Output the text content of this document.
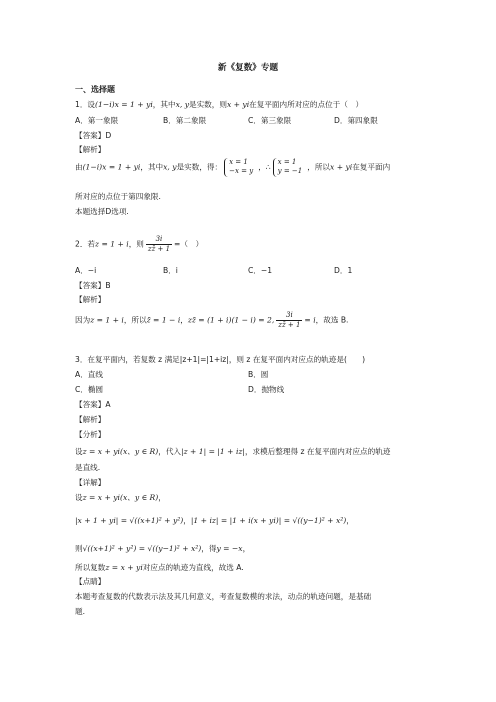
新《复数》专题
一、选择题
1．设(1−i)x = 1 + yi，其中x, y是实数，则x + yi在复平面内所对应的点位于（　）
A．第一象限	B．第二象限	C．第三象限	D．第四象限
【答案】D
【解析】
由(1−i)x = 1 + yi，其中x, y是实数，得：
x = 1
−x = y ，∴
x = 1
y = −1 ，所以x + yi在复平面内
所对应的点位于第四象限.
本题选择D选项.
2．若z = 1 + i，则 $\frac{3i}{zz̄ + 1}$ =（　）
A．−i	B．i	C．−1	D．1
【答案】B
【解析】
因为z = 1 + i，所以z̄ = 1 − i，zz̄ = (1 + i)(1 − i) = 2, $\frac{3i}{zz̄ + 1} = i$，故选 B.
3．在复平面内，若复数 z 满足|z+1|=|1+iz|，则 z 在复平面内对应点的轨迹是(　　)
A．直线	B．圆
C．椭圆	D．抛物线
【答案】A
【解析】
【分析】
设z = x + yi(x、y ∈ R)，代入|z + 1| = |1 + iz|，求模后整理得 z 在复平面内对应点的轨迹
是直线.
【详解】
设z = x + yi(x、y ∈ R)，
|x + 1 + yi| = √((x+1)² + y²)，|1 + iz| = |1 + i(x + yi)| = √((y−1)² + x²)，
则√((x+1)² + y²) = √((y−1)² + x²)，得y = −x，
所以复数z = x + yi对应点的轨迹为直线，故选 A.
【点睛】
本题考查复数的代数表示法及其几何意义，考查复数模的求法，动点的轨迹问题，是基础
题.
